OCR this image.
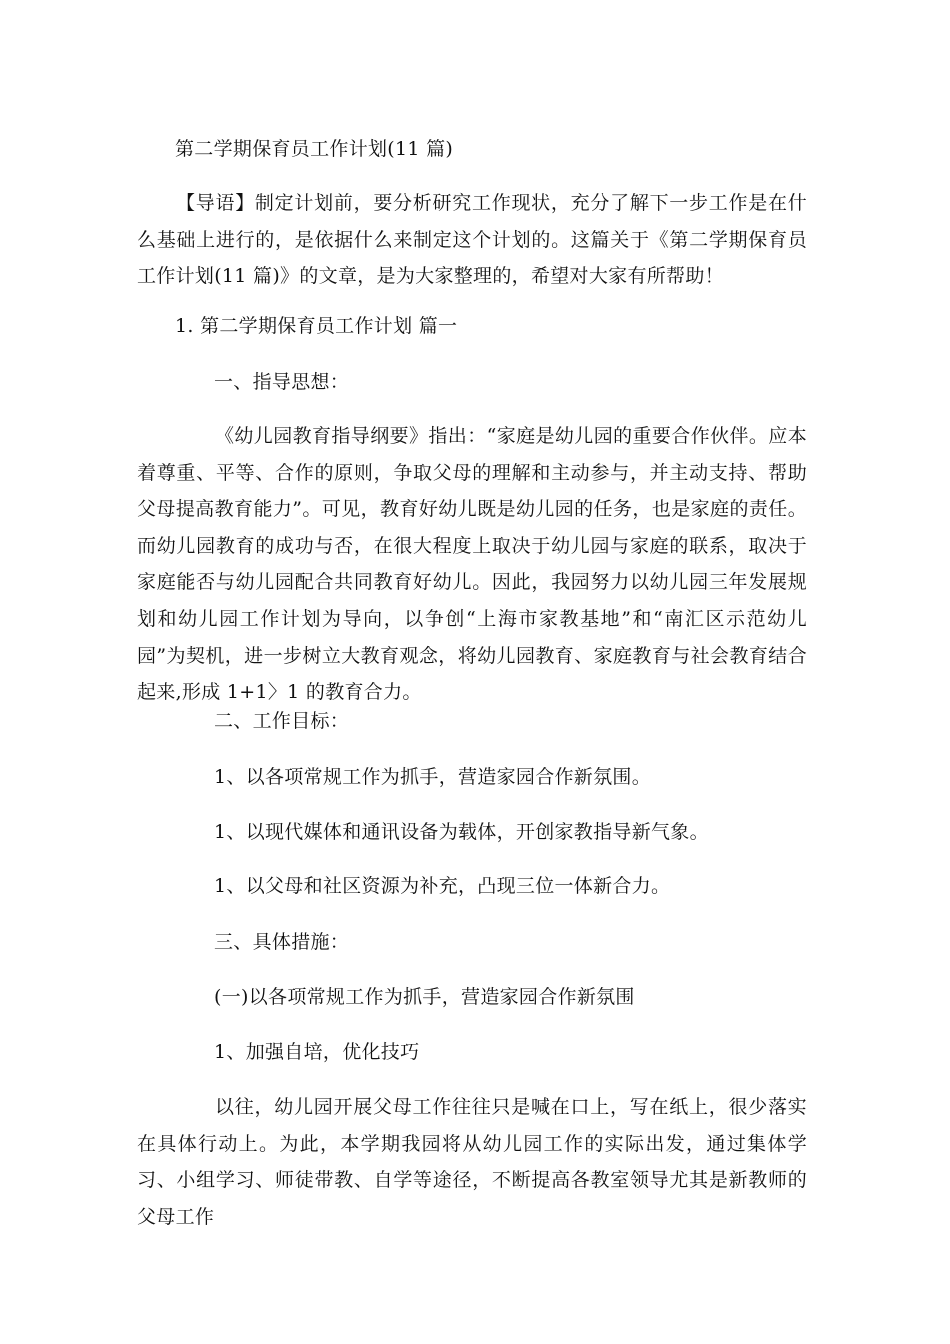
第二学期保育员工作计划(11 篇)
【导语】制定计划前，要分析研究工作现状，充分了解下一步工作是在什么基础上进行的，是依据什么来制定这个计划的。这篇关于《第二学期保育员工作计划(11 篇)》的文章，是为大家整理的，希望对大家有所帮助！
1. 第二学期保育员工作计划 篇一
一、指导思想：
《幼儿园教育指导纲要》指出：“家庭是幼儿园的重要合作伙伴。应本着尊重、平等、合作的原则，争取父母的理解和主动参与，并主动支持、帮助父母提高教育能力”。可见，教育好幼儿既是幼儿园的任务，也是家庭的责任。而幼儿园教育的成功与否，在很大程度上取决于幼儿园与家庭的联系，取决于家庭能否与幼儿园配合共同教育好幼儿。因此，我园努力以幼儿园三年发展规划和幼儿园工作计划为导向，以争创“上海市家教基地”和“南汇区示范幼儿园”为契机，进一步树立大教育观念，将幼儿园教育、家庭教育与社会教育结合起来,形成 1+1〉1 的教育合力。
二、工作目标：
1、以各项常规工作为抓手，营造家园合作新氛围。
1、以现代媒体和通讯设备为载体，开创家教指导新气象。
1、以父母和社区资源为补充，凸现三位一体新合力。
三、具体措施：
(一)以各项常规工作为抓手，营造家园合作新氛围
1、加强自培，优化技巧
以往，幼儿园开展父母工作往往只是喊在口上，写在纸上，很少落实在具体行动上。为此，本学期我园将从幼儿园工作的实际出发，通过集体学习、小组学习、师徒带教、自学等途径，不断提高各教室领导尤其是新教师的父母工作
